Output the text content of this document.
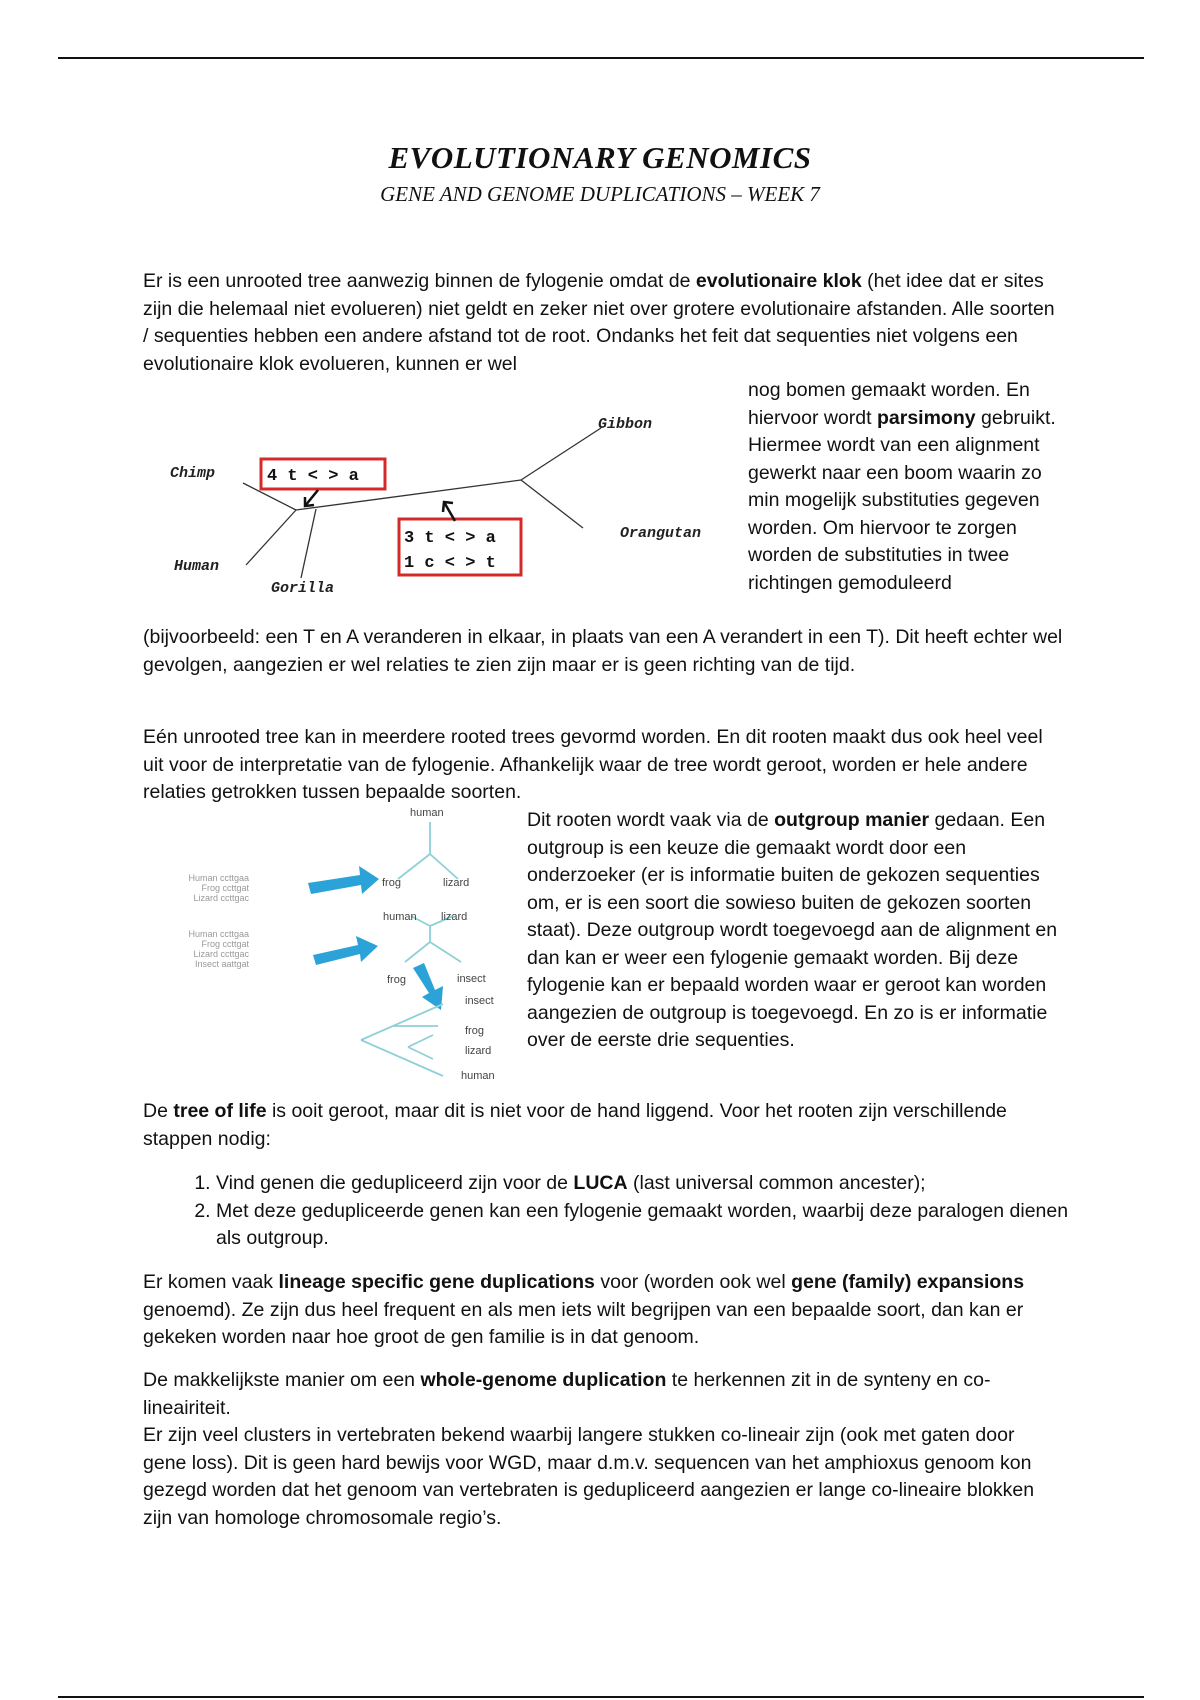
EVOLUTIONARY GENOMICS
GENE AND GENOME DUPLICATIONS – WEEK 7

Er is een unrooted tree aanwezig binnen de fylogenie omdat de evolutionaire klok (het idee dat er sites zijn die helemaal niet evolueren) niet geldt en zeker niet over grotere evolutionaire afstanden. Alle soorten / sequenties hebben een andere afstand tot de root. Ondanks het feit dat sequenties niet volgens een evolutionaire klok evolueren, kunnen er wel

Chimp
Human
Gorilla
Gibbon
Orangutan
4 t < > a
3 t < > a
1 c < > t

nog bomen gemaakt worden. En hiervoor wordt parsimony gebruikt. Hiermee wordt van een alignment gewerkt naar een boom waarin zo min mogelijk substituties gegeven worden. Om hiervoor te zorgen worden de substituties in twee richtingen gemoduleerd

(bijvoorbeeld: een T en A veranderen in elkaar, in plaats van een A verandert in een T). Dit heeft echter wel gevolgen, aangezien er wel relaties te zien zijn maar er is geen richting van de tijd.

Eén unrooted tree kan in meerdere rooted trees gevormd worden. En dit rooten maakt dus ook heel veel uit voor de interpretatie van de fylogenie. Afhankelijk waar de tree wordt geroot, worden er hele andere relaties getrokken tussen bepaalde soorten.

Human ccttgaa
Frog ccttgat
Lizard ccttgac
Human ccttgaa
Frog ccttgat
Lizard ccttgac
Insect aattgat
human
frog	lizard
human lizard
frog	insect
insect
frog
lizard
human

Dit rooten wordt vaak via de outgroup manier gedaan. Een outgroup is een keuze die gemaakt wordt door een onderzoeker (er is informatie buiten de gekozen sequenties om, er is een soort die sowieso buiten de gekozen soorten staat). Deze outgroup wordt toegevoegd aan de alignment en dan kan er weer een fylogenie gemaakt worden. Bij deze fylogenie kan er bepaald worden waar er geroot kan worden aangezien de outgroup is toegevoegd. En zo is er informatie over de eerste drie sequenties.

De tree of life is ooit geroot, maar dit is niet voor de hand liggend. Voor het rooten zijn verschillende stappen nodig:

1. Vind genen die gedupliceerd zijn voor de LUCA (last universal common ancester);
2. Met deze gedupliceerde genen kan een fylogenie gemaakt worden, waarbij deze paralogen dienen als outgroup.

Er komen vaak lineage specific gene duplications voor (worden ook wel gene (family) expansions genoemd). Ze zijn dus heel frequent en als men iets wilt begrijpen van een bepaalde soort, dan kan er gekeken worden naar hoe groot de gen familie is in dat genoom.

De makkelijkste manier om een whole-genome duplication te herkennen zit in de synteny en co-lineairiteit.
Er zijn veel clusters in vertebraten bekend waarbij langere stukken co-lineair zijn (ook met gaten door gene loss). Dit is geen hard bewijs voor WGD, maar d.m.v. sequencen van het amphioxus genoom kon gezegd worden dat het genoom van vertebraten is gedupliceerd aangezien er lange co-lineaire blokken zijn van homologe chromosomale regio’s.
